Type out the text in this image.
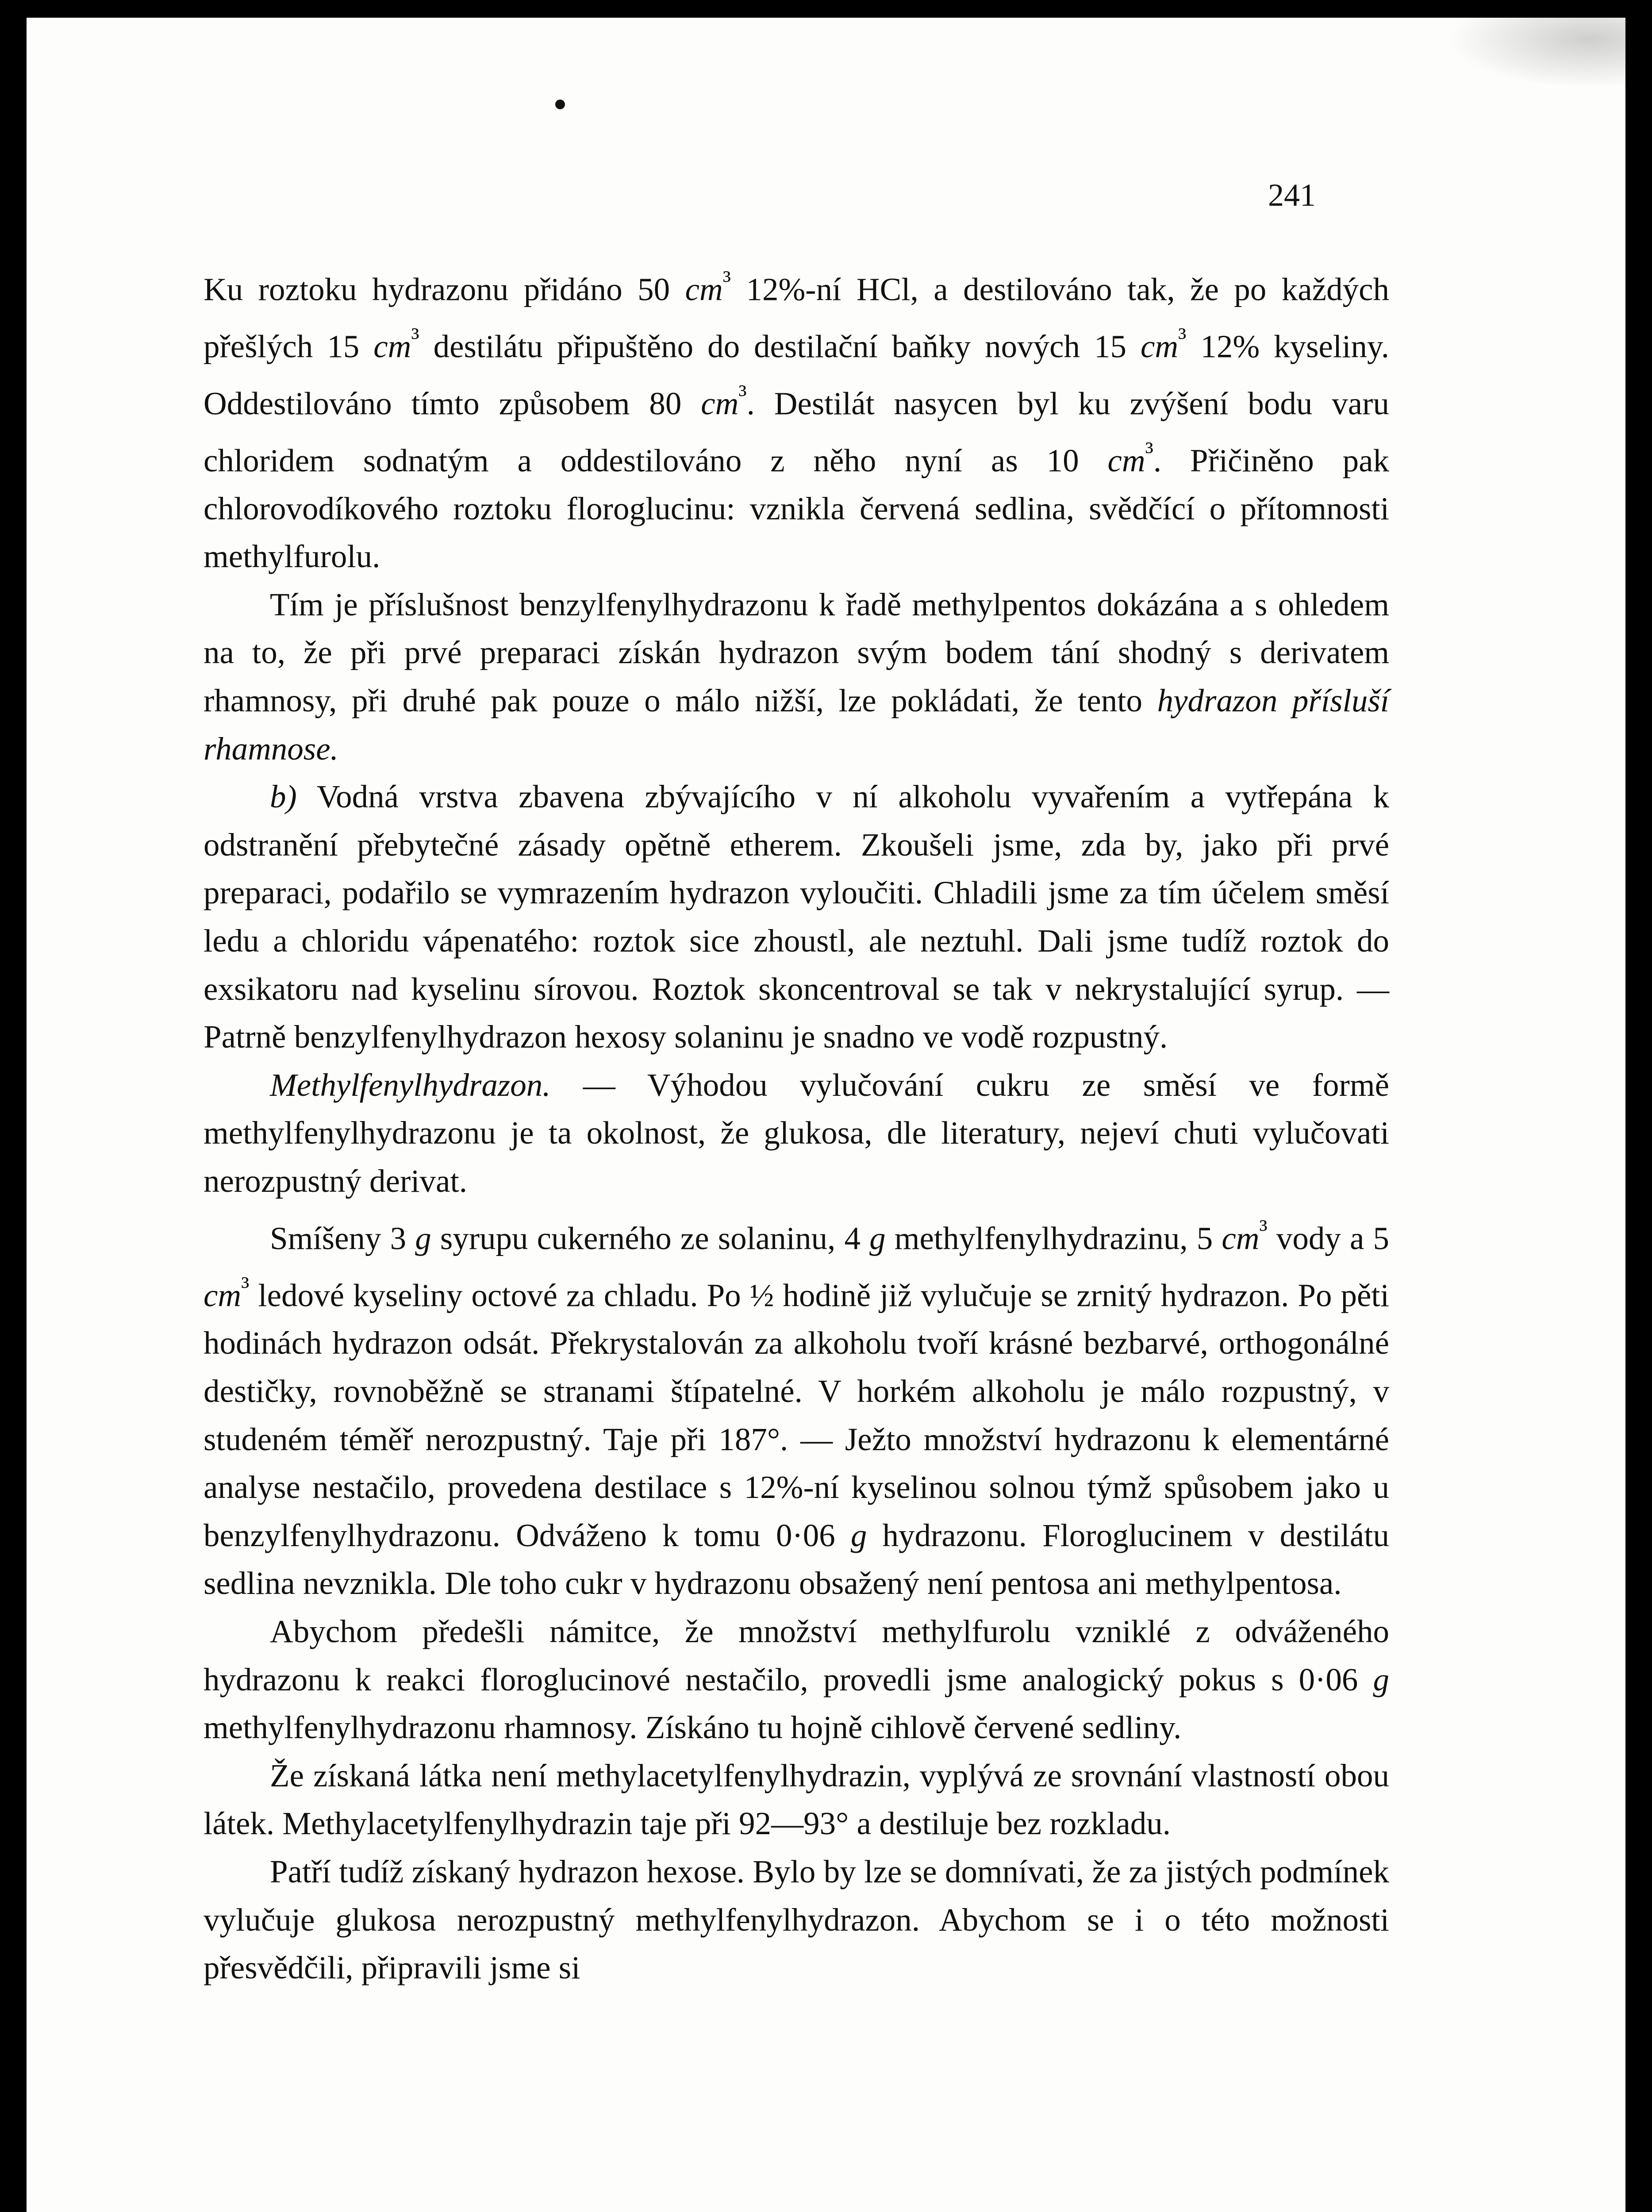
241

Ku roztoku hydrazonu přidáno 50 $cm^{^3}$ 12%-ní HCl, a destilováno tak, že po každých přešlých 15 $cm^{^3}$ destilátu připuštěno do destilační baňky nových 15 $cm^{^3}$ 12% kyseliny. Oddestilováno tímto způsobem 80 $cm^{^3}$. Destilát nasycen byl ku zvýšení bodu varu chloridem sodnatým a oddestilováno z něho nyní as 10 $cm^{^3}$. Přičiněno pak chlorovodíkového roztoku floroglucinu: vznikla červená sedlina, svědčící o přítomnosti methylfurolu.

Tím je příslušnost benzylfenylhydrazonu k řadě methylpentos dokázána a s ohledem na to, že při prvé preparaci získán hydrazon svým bodem tání shodný s derivatem rhamnosy, při druhé pak pouze o málo nižší, lze pokládati, že tento hydrazon přísluší rhamnose.

b) Vodná vrstva zbavena zbývajícího v ní alkoholu vyvařením a vytřepána k odstranění přebytečné zásady opětně etherem. Zkoušeli jsme, zda by, jako při prvé preparaci, podařilo se vymrazením hydrazon vyloučiti. Chladili jsme za tím účelem směsí ledu a chloridu vápenatého: roztok sice zhoustl, ale neztuhl. Dali jsme tudíž roztok do exsikatoru nad kyselinu sírovou. Roztok skoncentroval se tak v nekrystalující syrup. — Patrně benzylfenylhydrazon hexosy solaninu je snadno ve vodě rozpustný.

Methylfenylhydrazon. — Výhodou vylučování cukru ze směsí ve formě methylfenylhydrazonu je ta okolnost, že glukosa, dle literatury, nejeví chuti vylučovati nerozpustný derivat.

Smíšeny 3 g syrupu cukerného ze solaninu, 4 g methylfenylhydrazinu, 5 $cm^{^3}$ vody a 5 $cm^{^3}$ ledové kyseliny octové za chladu. Po ½ hodině již vylučuje se zrnitý hydrazon. Po pěti hodinách hydrazon odsát. Překrystalován za alkoholu tvoří krásné bezbarvé, orthogonálné destičky, rovnoběžně se stranami štípatelné. V horkém alkoholu je málo rozpustný, v studeném téměř nerozpustný. Taje při 187°. — Ježto množství hydrazonu k elementárné analyse nestačilo, provedena destilace s 12%-ní kyselinou solnou týmž spůsobem jako u benzylfenylhydrazonu. Odváženo k tomu 0·06 g hydrazonu. Floroglucinem v destilátu sedlina nevznikla. Dle toho cukr v hydrazonu obsažený není pentosa ani methylpentosa.

Abychom předešli námitce, že množství methylfurolu vzniklé z odváženého hydrazonu k reakci floroglucinové nestačilo, provedli jsme analogický pokus s 0·06 g methylfenylhydrazonu rhamnosy. Získáno tu hojně cihlově červené sedliny.

Že získaná látka není methylacetylfenylhydrazin, vyplývá ze srovnání vlastností obou látek. Methylacetylfenylhydrazin taje při 92—93° a destiluje bez rozkladu.

Patří tudíž získaný hydrazon hexose. Bylo by lze se domnívati, že za jistých podmínek vylučuje glukosa nerozpustný methylfenylhydrazon. Abychom se i o této možnosti přesvědčili, připravili jsme si
